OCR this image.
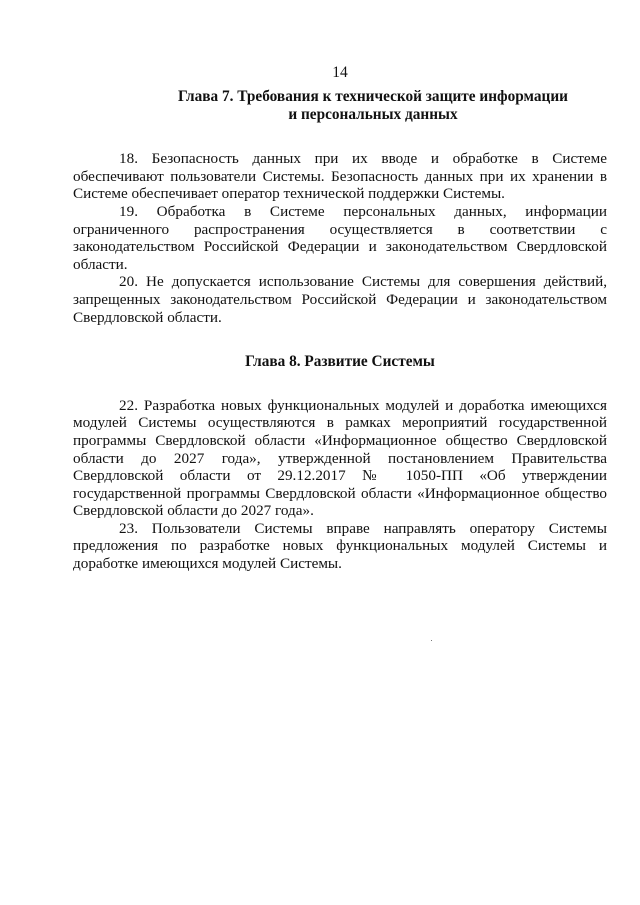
14

Глава 7. Требования к технической защите информации
и персональных данных

18. Безопасность данных при их вводе и обработке в Системе обеспечивают пользователи Системы. Безопасность данных при их хранении в Системе обеспечивает оператор технической поддержки Системы.

19. Обработка в Системе персональных данных, информации ограниченного распространения осуществляется в соответствии с законодательством Российской Федерации и законодательством Свердловской области.

20. Не допускается использование Системы для совершения действий, запрещенных законодательством Российской Федерации и законодательством Свердловской области.

Глава 8. Развитие Системы

22. Разработка новых функциональных модулей и доработка имеющихся модулей Системы осуществляются в рамках мероприятий государственной программы Свердловской области «Информационное общество Свердловской области до 2027 года», утвержденной постановлением Правительства Свердловской области от 29.12.2017 № 1050-ПП «Об утверждении государственной программы Свердловской области «Информационное общество Свердловской области до 2027 года».

23. Пользователи Системы вправе направлять оператору Системы предложения по разработке новых функциональных модулей Системы и доработке имеющихся модулей Системы.
